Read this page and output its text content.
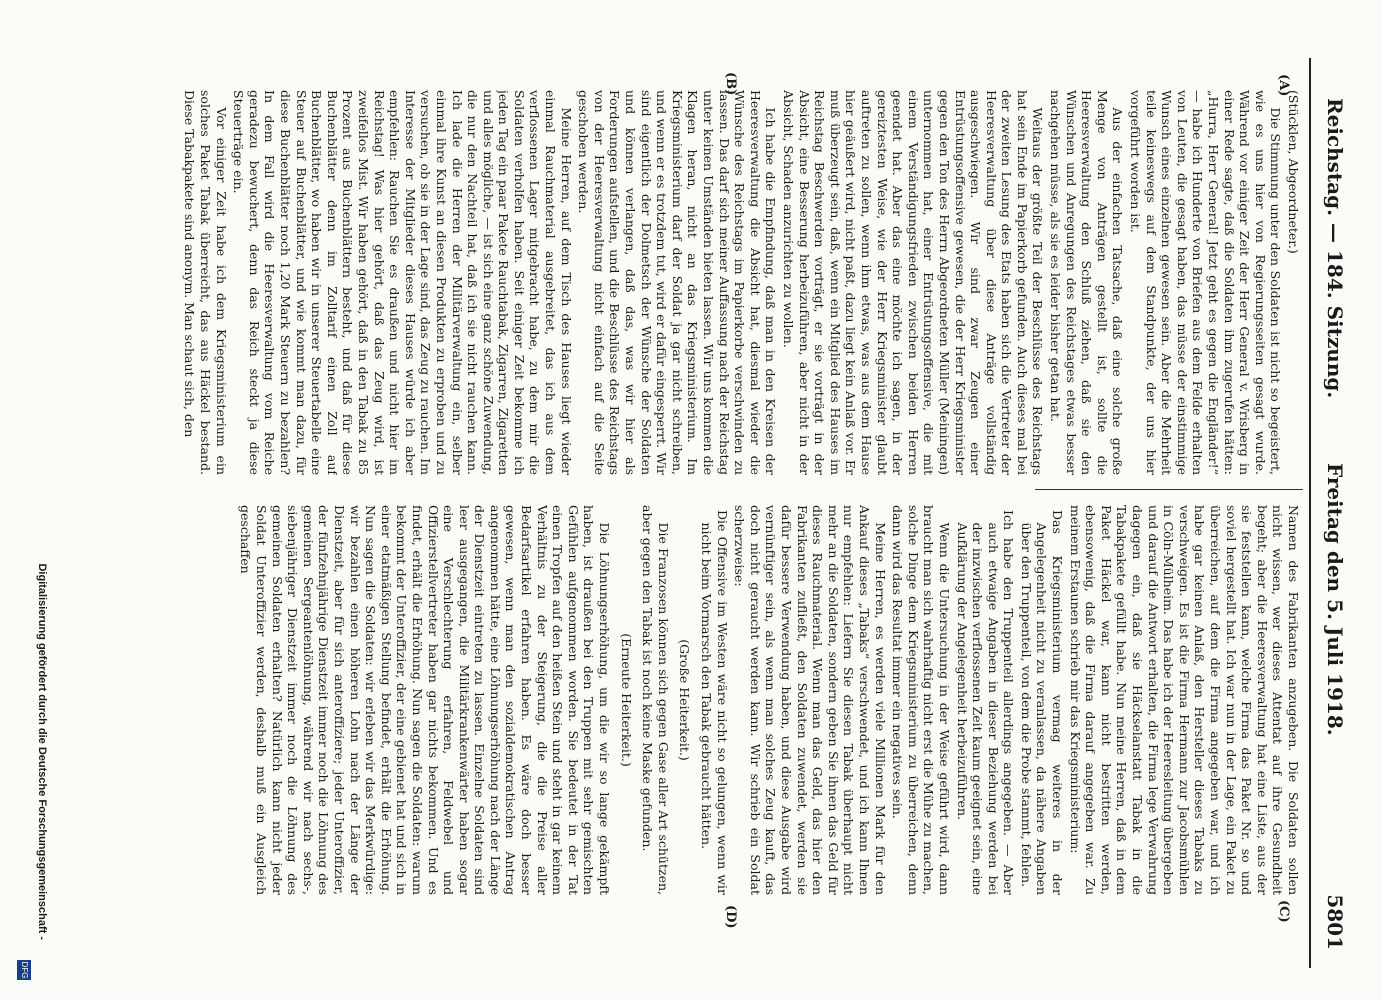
Reichstag. — 184. Sitzung.
Freitag den 5. Juli 1918.
5801
(A)
(B)
(C)
(D)

(Stücklen, Abgeordneter.)

Die Stimmung unter den Soldaten ist nicht so begeistert, wie es uns hier von Regierungsseiten gesagt wurde. Während vor einiger Zeit der Herr General v. Wrisberg in einer Rede sagte, daß die Soldaten ihm zugerufen hätten: „Hurra, Herr General! Jetzt geht es gegen die Engländer!“ — habe ich Hunderte von Briefen aus dem Felde erhalten von Leuten, die gesagt haben, das müsse der einstimmige Wunsch eines einzelnen gewesen sein. Aber die Mehrheit teile keineswegs auf dem Standpunkte, der uns hier vorgeführt worden ist.

Aus der einfachen Tatsache, daß eine solche große Menge von Anträgen gestellt ist, sollte die Heeresverwaltung den Schluß ziehen, daß sie den Wünschen und Anregungen des Reichstages etwas besser nachgehen müsse, als sie es leider bisher getan hat.

Weitaus der größte Teil der Beschlüsse des Reichstags hat sein Ende im Papierkorb gefunden. Auch dieses mal bei der zweiten Lesung des Etats haben sich die Vertreter der Heeresverwaltung über diese Anträge vollständig ausgeschwiegen. Wir sind zwar Zeugen einer Entrüstungsoffensive gewesen, die der Herr Kriegsminister gegen den Ton des Herrn Abgeordneten Müller (Meiningen) unternommen hat, einer Entrüstungsoffensive, die mit einem Verständigungsfrieden zwischen beiden Herren geendet hat. Aber das eine möchte ich sagen, in der gereiztesten Weise, wie der Herr Kriegsminister glaubt auftreten zu sollen, wenn ihm etwas, was aus dem Hause hier geäußert wird, nicht paßt, dazu liegt kein Anlaß vor. Er muß überzeugt sein, daß, wenn ein Mitglied des Hauses im Reichstag Beschwerden vorträgt, er sie vorträgt in der Absicht, eine Besserung herbeizuführen, aber nicht in der Absicht, Schaden anzurichten zu wollen.

Ich habe die Empfindung, daß man in den Kreisen der Heeresverwaltung die Absicht hat, diesmal wieder die Wünsche des Reichstags im Papierkorbe verschwinden zu lassen. Das darf sich meiner Auffassung nach der Reichstag unter keinen Umständen bieten lassen. Wir uns kommen die Klagen heran, nicht an das Kriegsministerium. Im Kriegsministerium darf der Soldat ja gar nicht schreiben, und wenn er es trotzdem tut, wird er dafür eingesperrt. Wir sind eigentlich der Dolmetsch der Wünsche der Soldaten und können verlangen, daß das, was wir hier als Forderungen aufstellen, und die Beschlüsse des Reichstags von der Heeresverwaltung nicht einfach auf die Seite geschoben werden.

Meine Herren, auf dem Tisch des Hauses liegt wieder einmal Rauchmaterial ausgebreitet, das ich aus dem verflossenen Lager mitgebracht habe, zu dem mir die Soldaten verholfen haben. Seit einiger Zeit bekomme ich jeden Tag ein paar Pakete Rauchtabak, Zigarren, Zigaretten und alles mögliche, — ist sich eine ganz schöne Zuwendung, die nur den Nachteil hat, daß ich sie nicht rauchen kann. Ich lade die Herren der Militärverwaltung ein, selber einmal ihre Kunst an diesen Produkten zu erproben und zu versuchen, ob sie in der Lage sind, das Zeug zu rauchen. Im Interesse der Mitglieder dieses Hauses würde ich aber empfehlen: Rauchen Sie es draußen und nicht hier im Reichstag! Was hier gehört, daß das Zeug wird, ist zweifellos Mist. Wir haben gehört, daß in den Tabak zu 85 Prozent aus Buchenblättern besteht, und daß für diese Buchenblätter denn im Zolltarif einen Zoll auf Buchenblätter, wo haben wir in unserer Steuertabelle eine Steuer auf Buchenblätter, und wie kommt man dazu, für diese Buchenblätter noch 1,20 Mark Steuern zu bezahlen? In dem Fall wird die Heeresverwaltung vom Reiche geradezu bewuchert, denn das Reich steckt ja diese Steuerträge ein.

Vor einiger Zeit habe ich dem Kriegsministerium ein solches Paket Tabak überreicht, das aus Häckel bestand. Diese Tabakpakete sind anonym. Man schaut sich, den

Namen des Fabrikanten anzugeben. Die Soldaten sollen nicht wissen, wer dieses Attentat auf ihre Gesundheit begeht; aber die Heeresverwaltung hat eine Liste, aus der sie feststellen kann, welche Firma das Paket Nr. so und soviel hergestellt hat. Ich war nun in der Lage, ein Paket zu überreichen, auf dem die Firma angegeben war, und ich habe gar keinen Anlaß, den Hersteller dieses Tabaks zu verschweigen. Es ist die Firma Hermann zur Jacobsmühlen in Cöln-Mülheim. Das habe ich der Heeresleitung übergeben und darauf die Antwort erhalten, die Firma lege Verwahrung dagegen ein, daß sie Häckselanstatt Tabak in die Tabakpakete gefüllt habe. Nun meine Herren, daß in dem Paket Häckel war, kann nicht bestritten werden, ebensowenig, daß die Firma darauf angegeben war. Zu meinem Erstaunen schrieb mir das Kriegsministerium:

Das Kriegsministerium vermag weiteres in der Angelegenheit nicht zu veranlassen, da nähere Angaben über den Truppenteil, von dem die Probe stammt, fehlen.

Ich habe den Truppenteil allerdings angegeben. — Aber auch etwaige Angaben in dieser Beziehung werden bei der inzwischen verflossenen Zeit kaum geeignet sein, eine Aufklärung der Angelegenheit herbeizuführen.

Wenn die Untersuchung in der Weise geführt wird, dann braucht man sich wahrhaftig nicht erst die Mühe zu machen, solche Dinge dem Kriegsministerium zu überreichen, denn dann wird das Resultat immer ein negatives sein.

Meine Herren, es werden viele Millionen Mark für den Ankauf dieses „Tabaks“ verschwendet, und ich kann Ihnen nur empfehlen: Liefern Sie diesen Tabak überhaupt nicht mehr an die Soldaten, sondern geben Sie ihnen das Geld für dieses Rauchmaterial. Wenn man das Geld, das hier den Fabrikanten zufließt, den Soldaten zuwendet, werden sie dafür bessere Verwendung haben, und diese Ausgabe wird vernünftiger sein, als wenn man solches Zeug kauft, das doch nicht geraucht werden kann. Wir schrieb ein Soldat scherzweise:

Die Offensive im Westen wäre nicht so gelungen, wenn wir nicht beim Vormarsch den Tabak gebraucht hätten.

(Große Heiterkeit.)

Die Franzosen können sich gegen Gase aller Art schützen, aber gegen den Tabak ist noch keine Maske gefunden.

(Erneute Heiterkeit.)

Die Löhnungserhöhung, um die wir so lange gekämpft haben, ist draußen bei den Truppen mit sehr gemischten Gefühlen aufgenommen worden. Sie bedeutet in der Tat einen Tropfen auf den heißen Stein und steht in gar keinem Verhältnis zu der Steigerung, die die Preise aller Bedarfsartikel erfahren haben. Es wäre doch besser gewesen, wenn man den sozialdemokratischen Antrag angenommen hätte, eine Löhnungserhöhung nach der Länge der Dienstzeit eintreten zu lassen. Einzelne Soldaten sind leer ausgegangen, die Militärkrankenwärter haben sogar eine Verschlechterung erfahren, Feldwebel und Offizierstellvertreter haben gar nichts bekommen. Und es findet, erhält die Erhöhung. Nun sagen die Soldaten: warum bekommt der Unteroffizier, der eine gebienet hat und sich in einer etatmäßigen Stellung befindet, erhält die Erhöhung. Nun sagen die Soldaten: wir erleben wir das Merkwürdige: wir bezahlen einen höheren Lohn nach der Länge der Dienstzeit, aber für sich anteroffiziere; jeder Unteroffizier, der fünfzehnjährige Dienstzeit immer noch die Löhnung des gemeinen Sergeantenlöhnung, während wir nach sechs-, siebenjähriger Dienstzeit immer noch die Löhnung des gemeinen Soldaten erhalten? Natürlich kann nicht jeder Soldat Unteroffizier werden, deshalb muß ein Ausgleich geschaffen

Digitalisierung gefördert durch die Deutsche Forschungsgemeinschaft -
DFG
